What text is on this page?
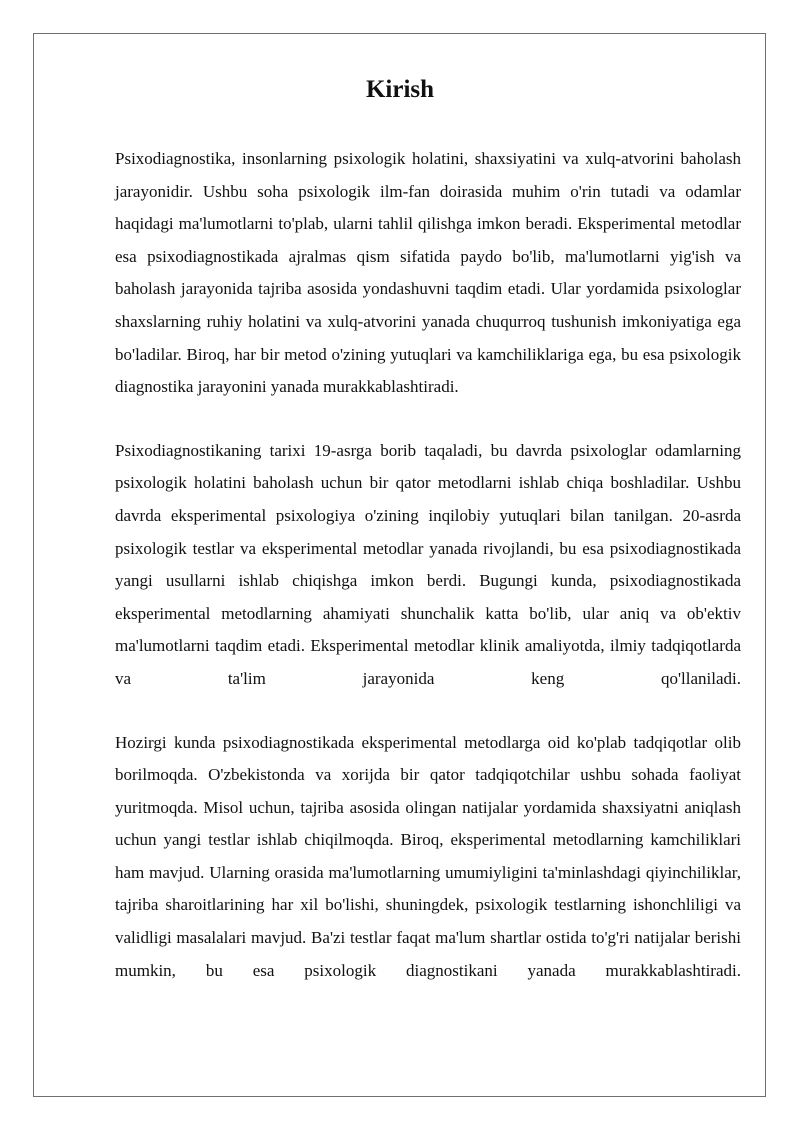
Kirish

Psixodiagnostika, insonlarning psixologik holatini, shaxsiyatini va xulq-atvorini baholash jarayonidir. Ushbu soha psixologik ilm-fan doirasida muhim o'rin tutadi va odamlar haqidagi ma'lumotlarni to'plab, ularni tahlil qilishga imkon beradi. Eksperimental metodlar esa psixodiagnostikada ajralmas qism sifatida paydo bo'lib, ma'lumotlarni yig'ish va baholash jarayonida tajriba asosida yondashuvni taqdim etadi. Ular yordamida psixologlar shaxslarning ruhiy holatini va xulq-atvorini yanada chuqurroq tushunish imkoniyatiga ega bo'ladilar. Biroq, har bir metod o'zining yutuqlari va kamchiliklariga ega, bu esa psixologik diagnostika jarayonini yanada murakkablashtiradi.

Psixodiagnostikaning tarixi 19-asrga borib taqaladi, bu davrda psixologlar odamlarning psixologik holatini baholash uchun bir qator metodlarni ishlab chiqa boshladilar. Ushbu davrda eksperimental psixologiya o'zining inqilobiy yutuqlari bilan tanilgan. 20-asrda psixologik testlar va eksperimental metodlar yanada rivojlandi, bu esa psixodiagnostikada yangi usullarni ishlab chiqishga imkon berdi. Bugungi kunda, psixodiagnostikada eksperimental metodlarning ahamiyati shunchalik katta bo'lib, ular aniq va ob'ektiv ma'lumotlarni taqdim etadi. Eksperimental metodlar klinik amaliyotda, ilmiy tadqiqotlarda va ta'lim jarayonida keng qo'llaniladi.

Hozirgi kunda psixodiagnostikada eksperimental metodlarga oid ko'plab tadqiqotlar olib borilmoqda. O'zbekistonda va xorijda bir qator tadqiqotchilar ushbu sohada faoliyat yuritmoqda. Misol uchun, tajriba asosida olingan natijalar yordamida shaxsiyatni aniqlash uchun yangi testlar ishlab chiqilmoqda. Biroq, eksperimental metodlarning kamchiliklari ham mavjud. Ularning orasida ma'lumotlarning umumiyligini ta'minlashdagi qiyinchiliklar, tajriba sharoitlarining har xil bo'lishi, shuningdek, psixologik testlarning ishonchliligi va validligi masalalari mavjud. Ba'zi testlar faqat ma'lum shartlar ostida to'g'ri natijalar berishi mumkin, bu esa psixologik diagnostikani yanada murakkablashtiradi.
